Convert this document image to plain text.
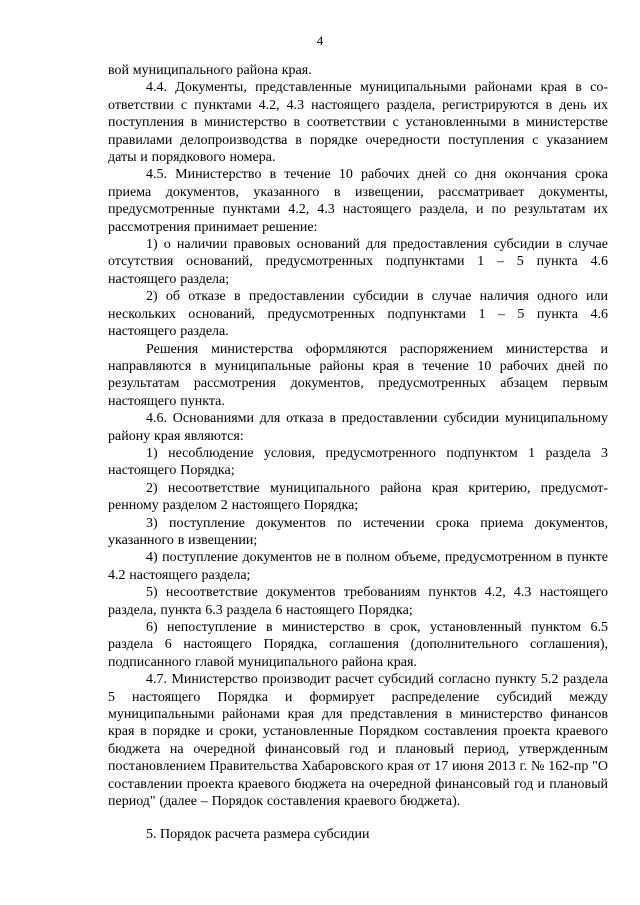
4

вой муниципального района края.

4.4. Документы, представленные муниципальными районами края в соответствии с пунктами 4.2, 4.3 настоящего раздела, регистрируются в день их поступления в министерство в соответствии с установленными в министерстве правилами делопроизводства в порядке очередности поступления с указанием даты и порядкового номера.

4.5. Министерство в течение 10 рабочих дней со дня окончания срока приема документов, указанного в извещении, рассматривает документы, предусмотренные пунктами 4.2, 4.3 настоящего раздела, и по результатам их рассмотрения принимает решение:

1) о наличии правовых оснований для предоставления субсидии в случае отсутствия оснований, предусмотренных подпунктами 1 – 5 пункта 4.6 настоящего раздела;

2) об отказе в предоставлении субсидии в случае наличия одного или нескольких оснований, предусмотренных подпунктами 1 – 5 пункта 4.6 настоящего раздела.

Решения министерства оформляются распоряжением министерства и направляются в муниципальные районы края в течение 10 рабочих дней по результатам рассмотрения документов, предусмотренных абзацем первым настоящего пункта.

4.6. Основаниями для отказа в предоставлении субсидии муниципальному району края являются:

1) несоблюдение условия, предусмотренного подпунктом 1 раздела 3 настоящего Порядка;

2) несоответствие муниципального района края критерию, предусмотренному разделом 2 настоящего Порядка;

3) поступление документов по истечении срока приема документов, указанного в извещении;

4) поступление документов не в полном объеме, предусмотренном в пункте 4.2 настоящего раздела;

5) несоответствие документов требованиям пунктов 4.2, 4.3 настоящего раздела, пункта 6.3 раздела 6 настоящего Порядка;

6) непоступление в министерство в срок, установленный пунктом 6.5 раздела 6 настоящего Порядка, соглашения (дополнительного соглашения), подписанного главой муниципального района края.

4.7. Министерство производит расчет субсидий согласно пункту 5.2 раздела 5 настоящего Порядка и формирует распределение субсидий между муниципальными районами края для представления в министерство финансов края в порядке и сроки, установленные Порядком составления проекта краевого бюджета на очередной финансовый год и плановый период, утвержденным постановлением Правительства Хабаровского края от 17 июня 2013 г. № 162-пр "О составлении проекта краевого бюджета на очередной финансовый год и плановый период" (далее – Порядок составления краевого бюджета).

5. Порядок расчета размера субсидии
